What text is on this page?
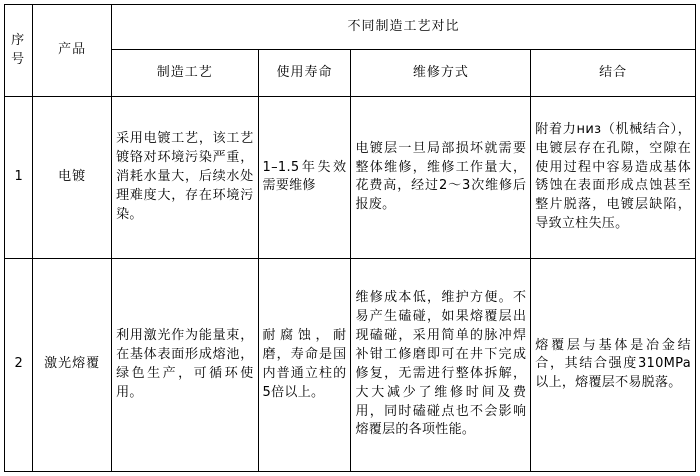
序号	产品	不同制造工艺对比			
		制造工艺	使用寿命	维修方式	结合
1	电镀	采用电镀工艺，该工艺镀铬对环境污染严重，消耗水量大，后续水处理难度大，存在环境污染。	1–1.5年失效需要维修	电镀层一旦局部损坏就需要整体维修，维修工作量大，花费高，经过2～3次维修后报废。	附着力низ（机械结合），电镀层存在孔隙，空隙在使用过程中容易造成基体锈蚀在表面形成点蚀甚至整片脱落，电镀层缺陷，导致立柱失压。
2	激光熔覆	利用激光作为能量束，在基体表面形成熔池，绿色生产，可循环使用。	耐腐蚀，耐磨，寿命是国内普通立柱的5倍以上。	维修成本低，维护方便。不易产生磕碰，如果熔覆层出现磕碰，采用简单的脉冲焊补钳工修磨即可在井下完成修复，无需进行整体拆解，大大减少了维修时间及费用，同时磕碰点也不会影响熔覆层的各项性能。	熔覆层与基体是冶金结合，其结合强度310MPa以上，熔覆层不易脱落。
